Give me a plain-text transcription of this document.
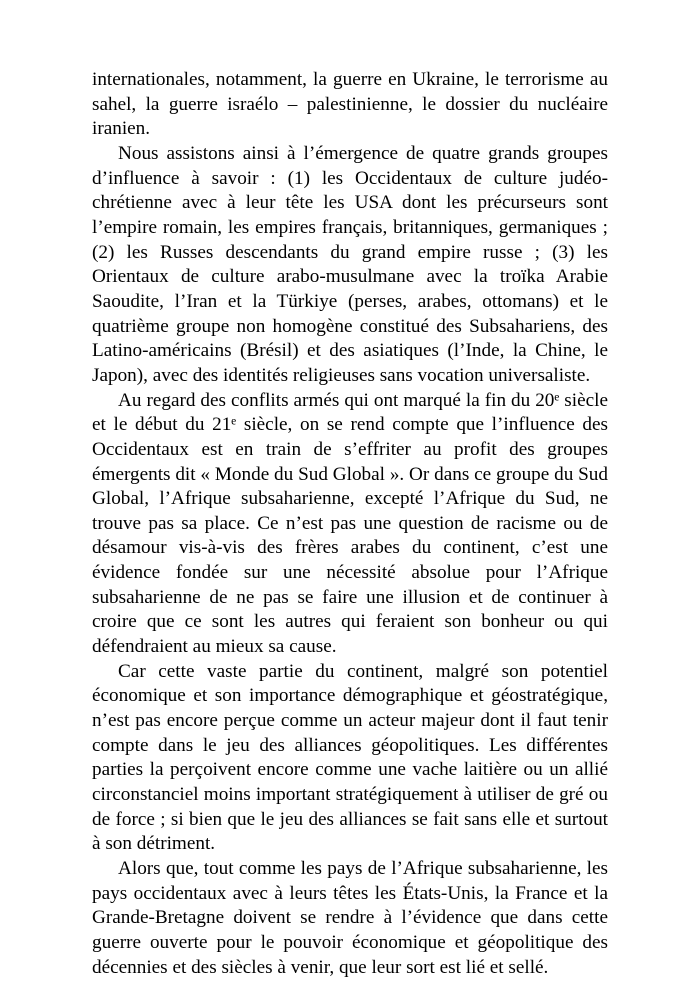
internationales, notamment, la guerre en Ukraine, le terrorisme au sahel, la guerre israélo – palestinienne, le dossier du nucléaire iranien.

Nous assistons ainsi à l’émergence de quatre grands groupes d’influence à savoir : (1) les Occidentaux de culture judéo-chrétienne avec à leur tête les USA dont les précurseurs sont l’empire romain, les empires français, britanniques, germaniques ; (2) les Russes descendants du grand empire russe ; (3) les Orientaux de culture arabo-musulmane avec la troïka Arabie Saoudite, l’Iran et la Türkiye (perses, arabes, ottomans) et le quatrième groupe non homogène constitué des Subsahariens, des Latino-américains (Brésil) et des asiatiques (l’Inde, la Chine, le Japon), avec des identités religieuses sans vocation universaliste.

Au regard des conflits armés qui ont marqué la fin du 20ᵉ siècle et le début du 21ᵉ siècle, on se rend compte que l’influence des Occidentaux est en train de s’effriter au profit des groupes émergents dit « Monde du Sud Global ». Or dans ce groupe du Sud Global, l’Afrique subsaharienne, excepté l’Afrique du Sud, ne trouve pas sa place. Ce n’est pas une question de racisme ou de désamour vis-à-vis des frères arabes du continent, c’est une évidence fondée sur une nécessité absolue pour l’Afrique subsaharienne de ne pas se faire une illusion et de continuer à croire que ce sont les autres qui feraient son bonheur ou qui défendraient au mieux sa cause.

Car cette vaste partie du continent, malgré son potentiel économique et son importance démographique et géostratégique, n’est pas encore perçue comme un acteur majeur dont il faut tenir compte dans le jeu des alliances géopolitiques. Les différentes parties la perçoivent encore comme une vache laitière ou un allié circonstanciel moins important stratégiquement à utiliser de gré ou de force ; si bien que le jeu des alliances se fait sans elle et surtout à son détriment.

Alors que, tout comme les pays de l’Afrique subsaharienne, les pays occidentaux avec à leurs têtes les États-Unis, la France et la Grande-Bretagne doivent se rendre à l’évidence que dans cette guerre ouverte pour le pouvoir économique et géopolitique des décennies et des siècles à venir, que leur sort est lié et sellé.
